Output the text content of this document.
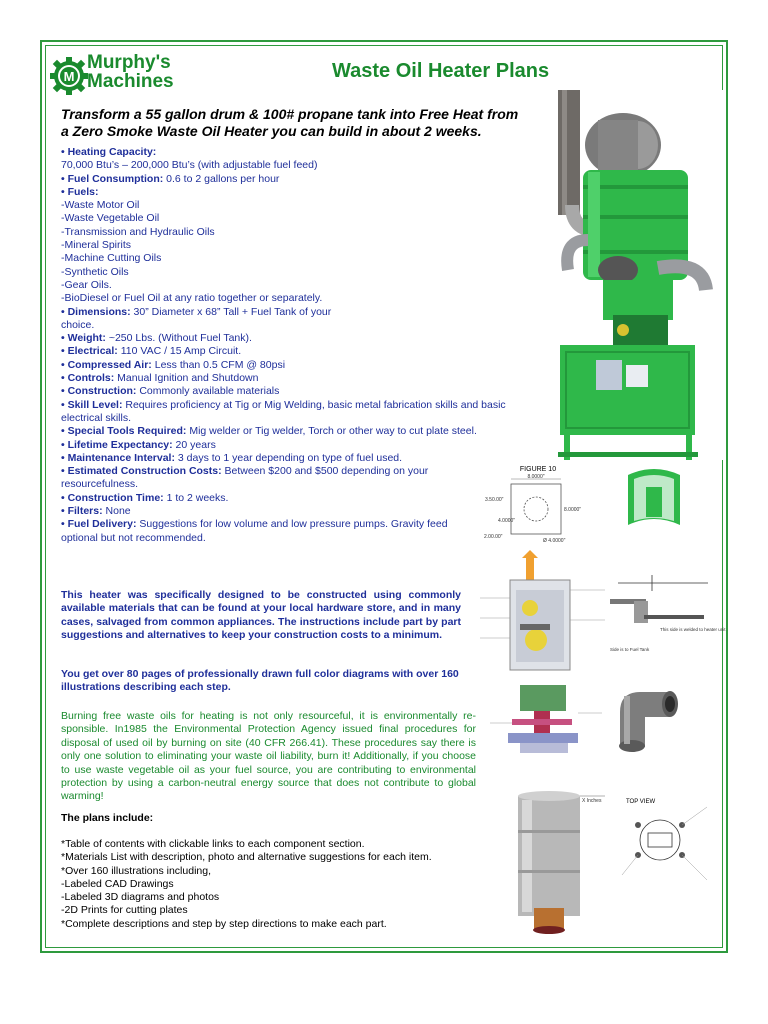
M
Murphy's
Machines	Waste Oil Heater Plans
Transform a 55 gallon drum & 100# propane tank into Free Heat from a Zero Smoke Waste Oil Heater you can build in about 2 weeks.
• Heating Capacity:
70,000 Btu’s – 200,000 Btu’s (with adjustable fuel feed)
• Fuel Consumption: 0.6 to 2 gallons per hour
• Fuels:
-Waste Motor Oil
-Waste Vegetable Oil
-Transmission and Hydraulic Oils
-Mineral Spirits
-Machine Cutting Oils
-Synthetic Oils
-Gear Oils.
-BioDiesel or Fuel Oil at any ratio together or separately.
• Dimensions: 30” Diameter x 68” Tall + Fuel Tank of your
choice.
• Weight: ~250 Lbs. (Without Fuel Tank).
• Electrical: 110 VAC / 15 Amp Circuit.
• Compressed Air: Less than 0.5 CFM @ 80psi
• Controls: Manual Ignition and Shutdown
• Construction: Commonly available materials
• Skill Level: Requires proficiency at Tig or Mig Welding, basic metal fabrication skills and basic electrical skills.
• Special Tools Required: Mig welder or Tig welder, Torch or other way to cut plate steel.
• Lifetime Expectancy: 20 years
• Maintenance Interval: 3 days to 1 year depending on type of fuel used.
• Estimated Construction Costs: Between $200 and $500 depending on your resourcefulness.
• Construction Time: 1 to 2 weeks.
• Filters: None
• Fuel Delivery: Suggestions for low volume and low pressure pumps. Gravity feed
optional but not recommended.
This heater was specifically designed to be constructed using commonly available materials that can be found at your local hardware store, and in many cases, salvaged from common appliances. The instructions include part by part suggestions and alternatives to keep your construction costs to a minimum.
You get over 80 pages of professionally drawn full color diagrams with over 160 illustrations describing each step.
Burning free waste oils for heating is not only resourceful, it is environmentally re-sponsible. In1985 the Environmental Protection Agency issued final procedures for disposal of used oil by burning on site (40 CFR 266.41). These procedures say there is only one solution to eliminating your waste oil liability, burn it! Additionally, if you choose to use waste vegetable oil as your fuel source, you are contributing to environmental protection by using a carbon-neutral energy source that does not contribute to global warming!
The plans include:
*Table of contents with clickable links to each component section.
*Materials List with description, photo and alternative suggestions for each item.
*Over 160 illustrations including,
-Labeled CAD Drawings
-Labeled 3D diagrams and photos
-2D Prints for cutting plates
*Complete descriptions and step by step directions to make each part.
FIGURE 10
8.0000"
3.50.00"
8.0000"
4.0000"
2.00.00"
Ø 4.0000"
This side is welded to heater unit
Side is to Fuel Tank
X Inches	TOP VIEW
